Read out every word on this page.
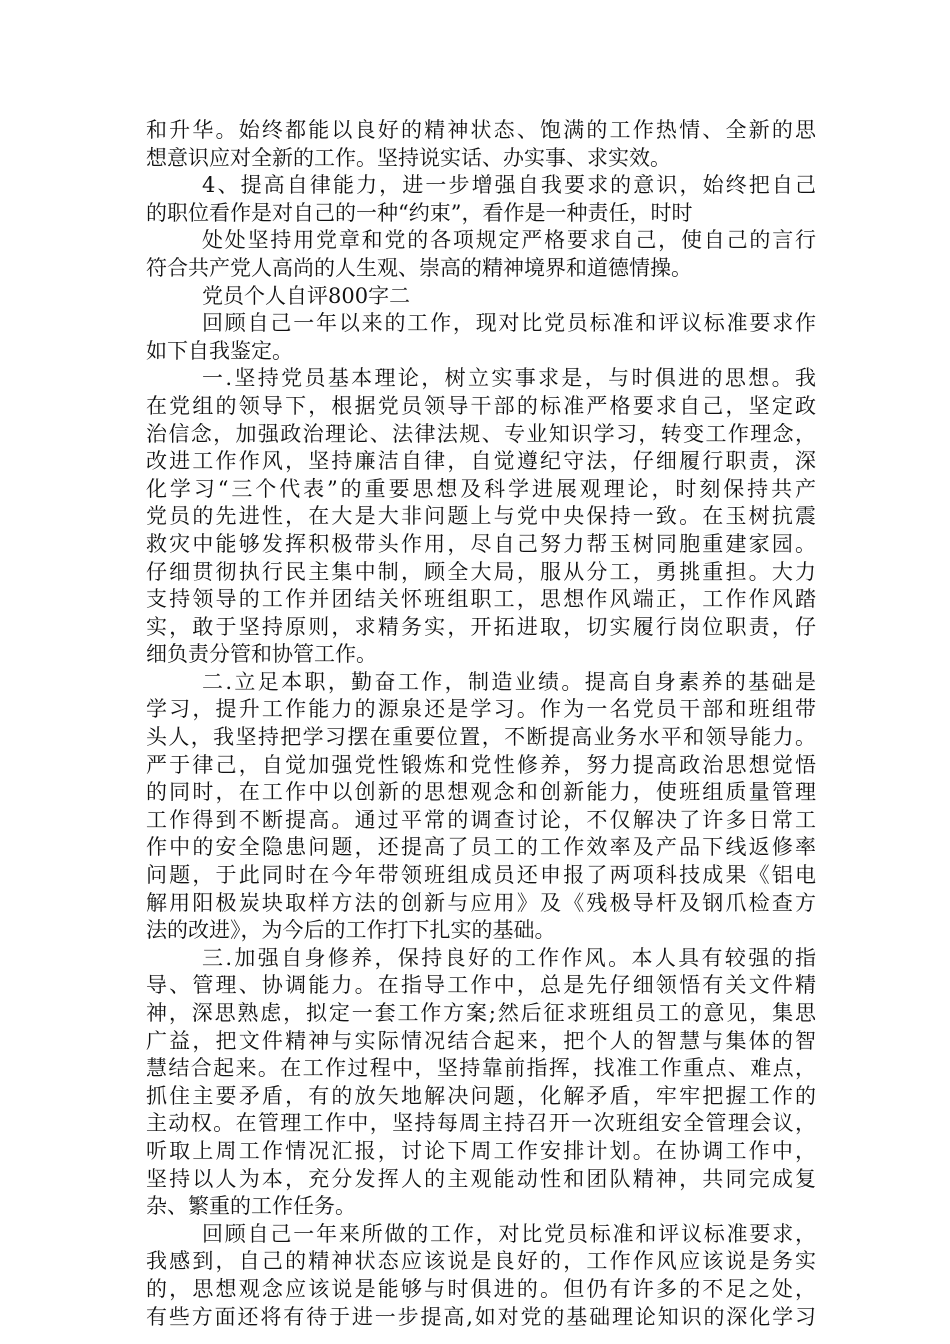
和升华。始终都能以良好的精神状态、饱满的工作热情、全新的思
想意识应对全新的工作。坚持说实话、办实事、求实效。
4、提高自律能力，进一步增强自我要求的意识，始终把自己
的职位看作是对自己的一种“约束”，看作是一种责任，时时
处处坚持用党章和党的各项规定严格要求自己，使自己的言行
符合共产党人高尚的人生观、崇高的精神境界和道德情操。
党员个人自评800字二
回顾自己一年以来的工作，现对比党员标准和评议标准要求作
如下自我鉴定。
一.坚持党员基本理论，树立实事求是，与时俱进的思想。我
在党组的领导下，根据党员领导干部的标准严格要求自己，坚定政
治信念，加强政治理论、法律法规、专业知识学习，转变工作理念，
改进工作作风，坚持廉洁自律，自觉遵纪守法，仔细履行职责，深
化学习“三个代表”的重要思想及科学进展观理论，时刻保持共产
党员的先进性，在大是大非问题上与党中央保持一致。在玉树抗震
救灾中能够发挥积极带头作用，尽自己努力帮玉树同胞重建家园。
仔细贯彻执行民主集中制，顾全大局，服从分工，勇挑重担。大力
支持领导的工作并团结关怀班组职工，思想作风端正，工作作风踏
实，敢于坚持原则，求精务实，开拓进取，切实履行岗位职责，仔
细负责分管和协管工作。
二.立足本职，勤奋工作，制造业绩。提高自身素养的基础是
学习，提升工作能力的源泉还是学习。作为一名党员干部和班组带
头人，我坚持把学习摆在重要位置，不断提高业务水平和领导能力。
严于律己，自觉加强党性锻炼和党性修养，努力提高政治思想觉悟
的同时，在工作中以创新的思想观念和创新能力，使班组质量管理
工作得到不断提高。通过平常的调查讨论，不仅解决了许多日常工
作中的安全隐患问题，还提高了员工的工作效率及产品下线返修率
问题，于此同时在今年带领班组成员还申报了两项科技成果《铝电
解用阳极炭块取样方法的创新与应用》及《残极导杆及钢爪检查方
法的改进》，为今后的工作打下扎实的基础。
三.加强自身修养，保持良好的工作作风。本人具有较强的指
导、管理、协调能力。在指导工作中，总是先仔细领悟有关文件精
神，深思熟虑，拟定一套工作方案;然后征求班组员工的意见，集思
广益，把文件精神与实际情况结合起来，把个人的智慧与集体的智
慧结合起来。在工作过程中，坚持靠前指挥，找准工作重点、难点，
抓住主要矛盾，有的放矢地解决问题，化解矛盾，牢牢把握工作的
主动权。在管理工作中，坚持每周主持召开一次班组安全管理会议，
听取上周工作情况汇报，讨论下周工作安排计划。在协调工作中，
坚持以人为本，充分发挥人的主观能动性和团队精神，共同完成复
杂、繁重的工作任务。
回顾自己一年来所做的工作，对比党员标准和评议标准要求，
我感到，自己的精神状态应该说是良好的，工作作风应该说是务实
的，思想观念应该说是能够与时俱进的。但仍有许多的不足之处，
有些方面还将有待于进一步提高,如对党的基础理论知识的深化学习
